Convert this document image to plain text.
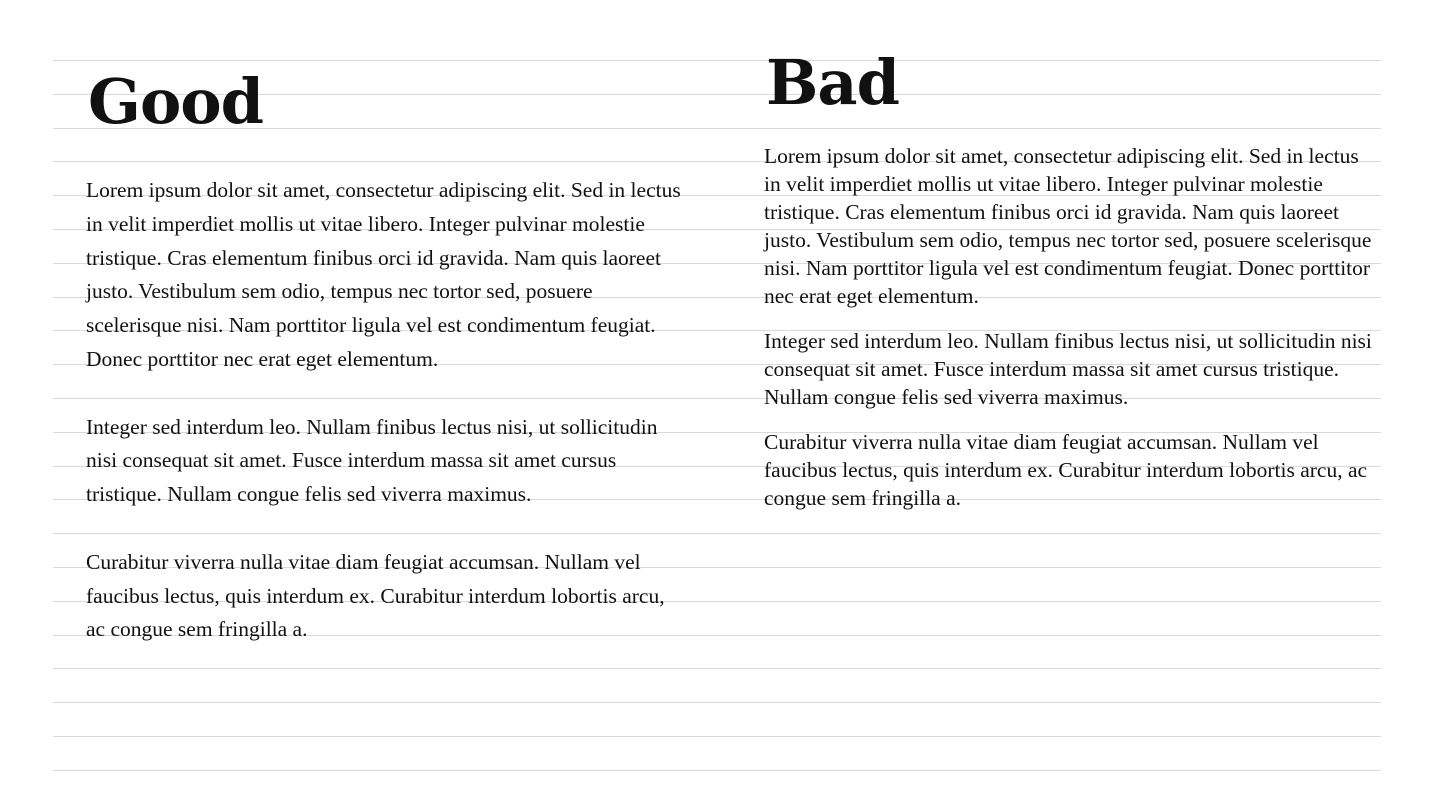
Good

Lorem ipsum dolor sit amet, consectetur adipiscing elit. Sed in lectus in velit imperdiet mollis ut vitae libero. Integer pulvinar molestie tristique. Cras elementum finibus orci id gravida. Nam quis laoreet justo. Vestibulum sem odio, tempus nec tortor sed, posuere scelerisque nisi. Nam porttitor ligula vel est condimentum feugiat. Donec porttitor nec erat eget elementum.

Integer sed interdum leo. Nullam finibus lectus nisi, ut sollicitudin nisi consequat sit amet. Fusce interdum massa sit amet cursus tristique. Nullam congue felis sed viverra maximus.

Curabitur viverra nulla vitae diam feugiat accumsan. Nullam vel faucibus lectus, quis interdum ex. Curabitur interdum lobortis arcu, ac congue sem fringilla a.

Bad

Lorem ipsum dolor sit amet, consectetur adipiscing elit. Sed in lectus in velit imperdiet mollis ut vitae libero. Integer pulvinar molestie tristique. Cras elementum finibus orci id gravida. Nam quis laoreet justo. Vestibulum sem odio, tempus nec tortor sed, posuere scelerisque nisi. Nam porttitor ligula vel est condimentum feugiat. Donec porttitor nec erat eget elementum.

Integer sed interdum leo. Nullam finibus lectus nisi, ut sollicitudin nisi consequat sit amet. Fusce interdum massa sit amet cursus tristique. Nullam congue felis sed viverra maximus.

Curabitur viverra nulla vitae diam feugiat accumsan. Nullam vel faucibus lectus, quis interdum ex. Curabitur interdum lobortis arcu, ac congue sem fringilla a.
